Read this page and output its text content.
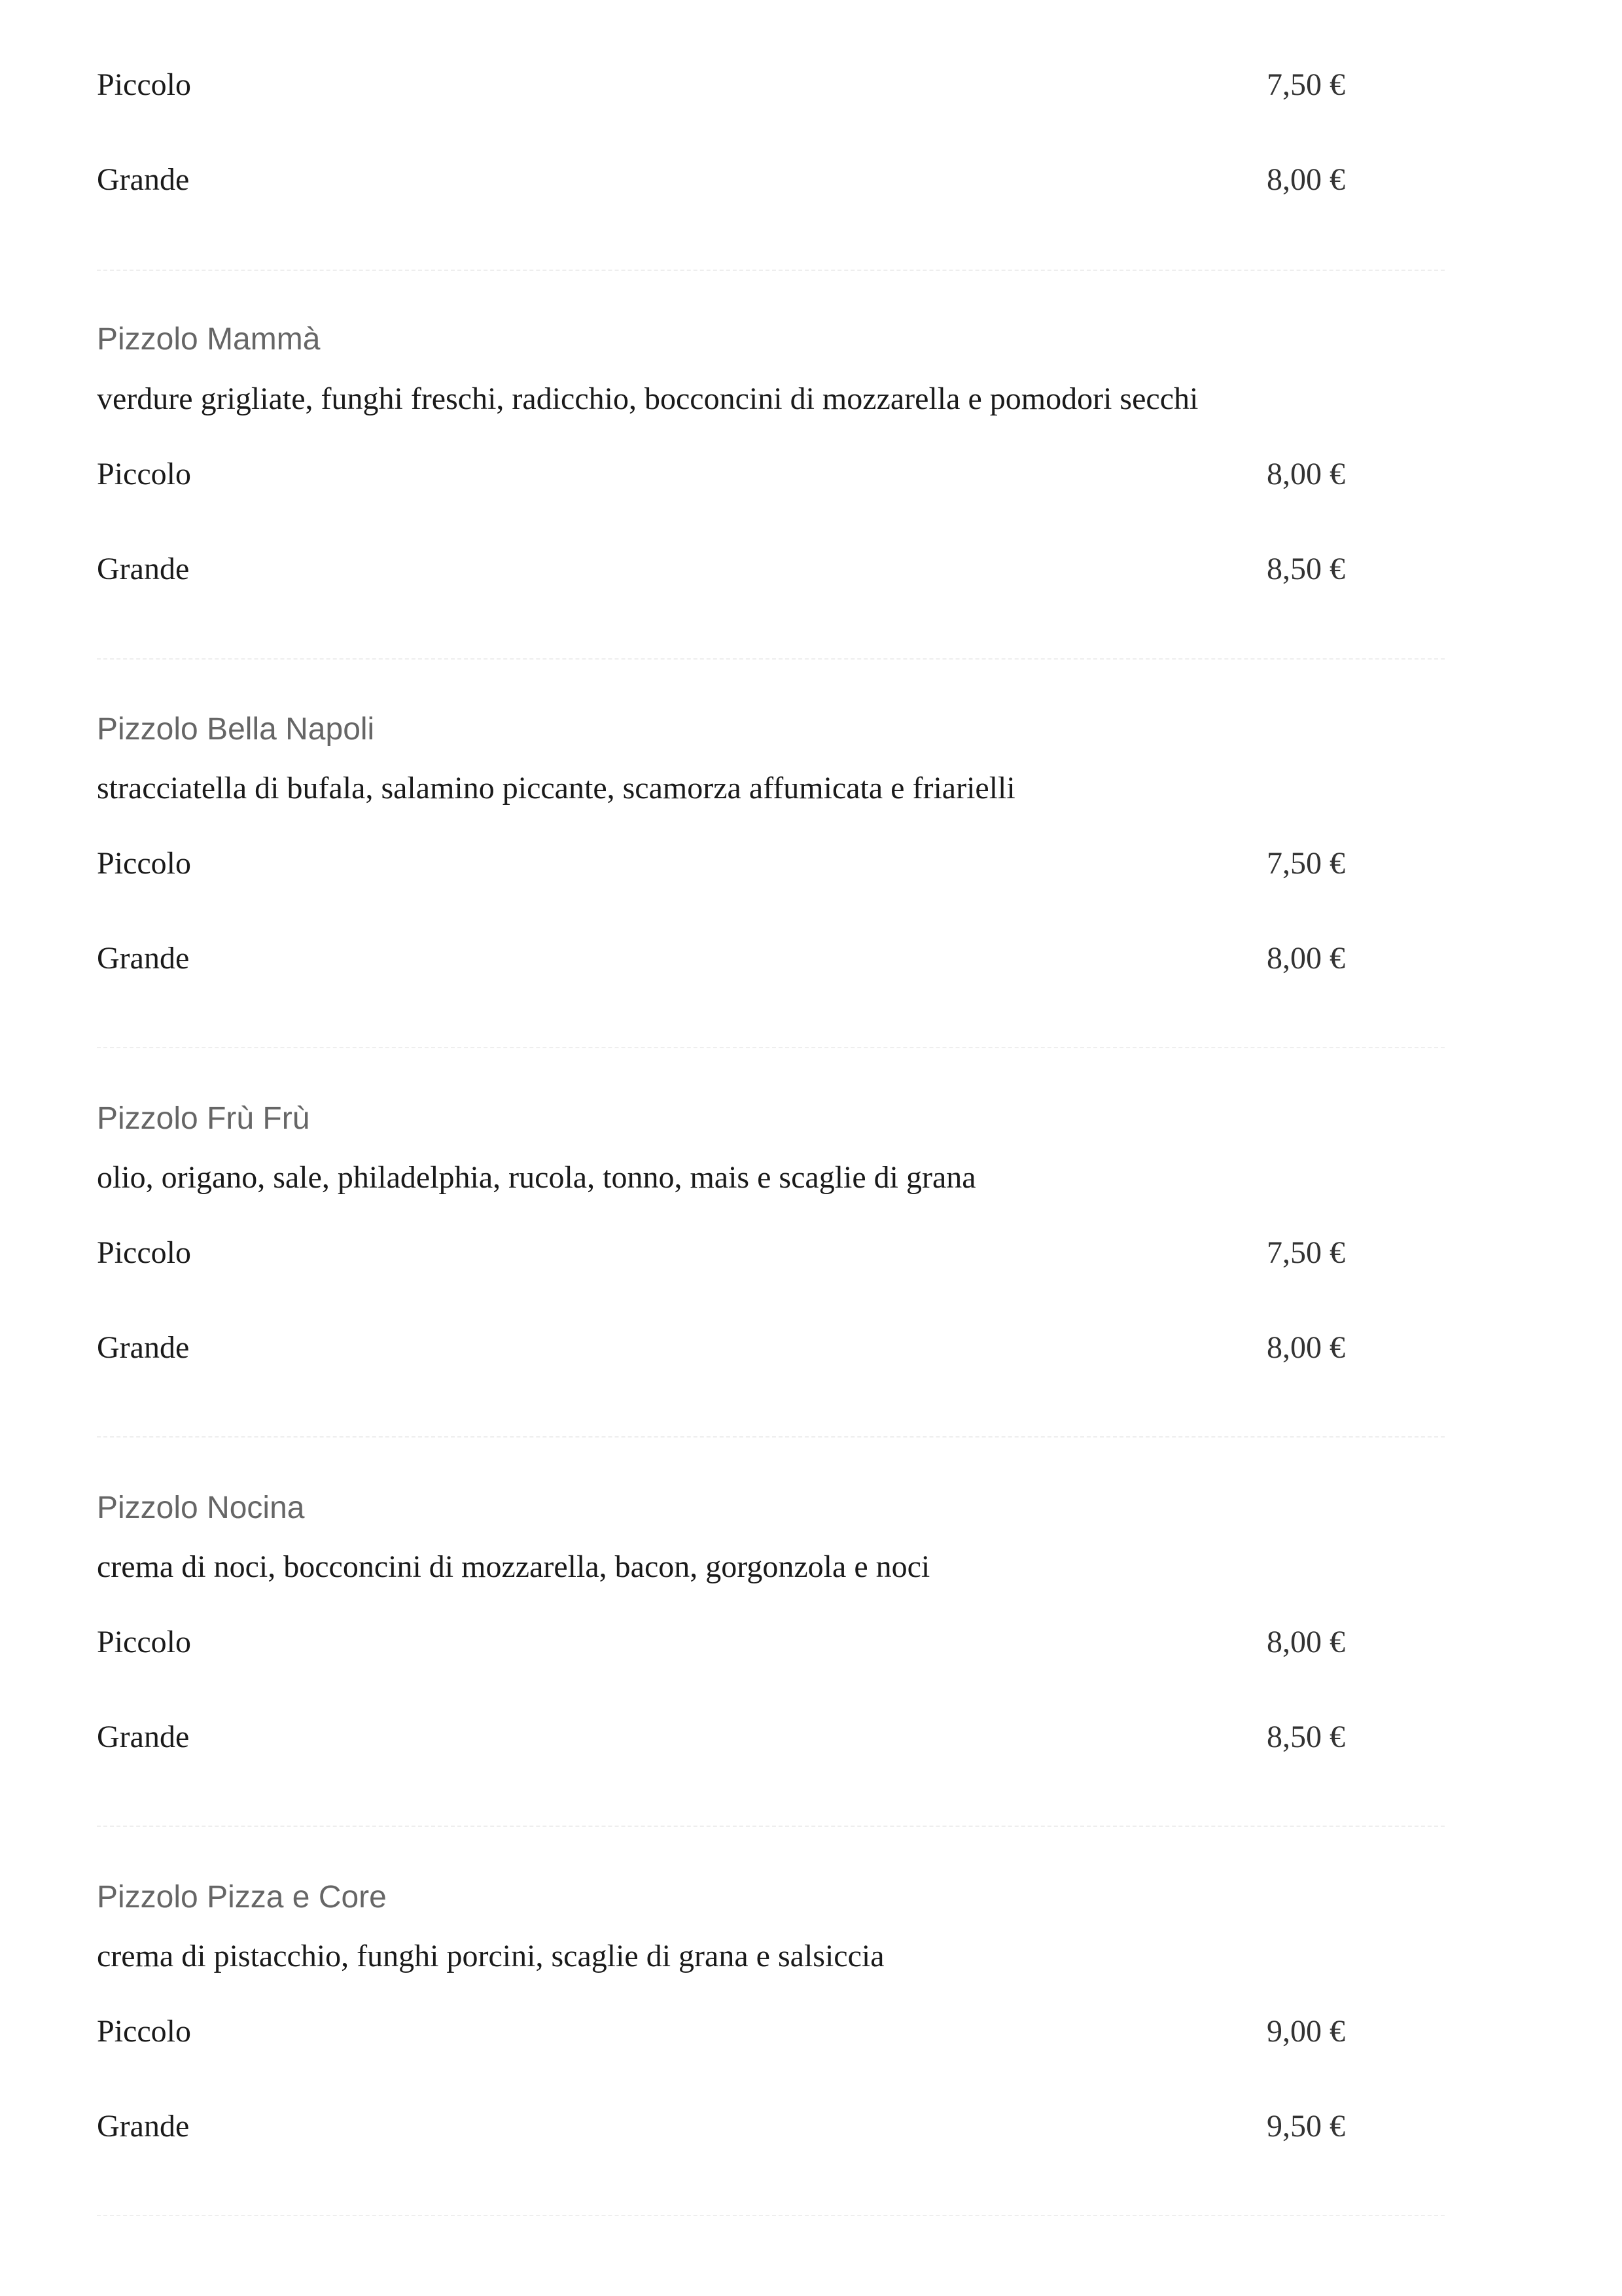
Piccolo	7,50 €
Grande	8,00 €
Pizzolo Mammà
verdure grigliate, funghi freschi, radicchio, bocconcini di mozzarella e pomodori secchi
Piccolo	8,00 €
Grande	8,50 €
Pizzolo Bella Napoli
stracciatella di bufala, salamino piccante, scamorza affumicata e friarielli
Piccolo	7,50 €
Grande	8,00 €
Pizzolo Frù Frù
olio, origano, sale, philadelphia, rucola, tonno, mais e scaglie di grana
Piccolo	7,50 €
Grande	8,00 €
Pizzolo Nocina
crema di noci, bocconcini di mozzarella, bacon, gorgonzola e noci
Piccolo	8,00 €
Grande	8,50 €
Pizzolo Pizza e Core
crema di pistacchio, funghi porcini, scaglie di grana e salsiccia
Piccolo	9,00 €
Grande	9,50 €
